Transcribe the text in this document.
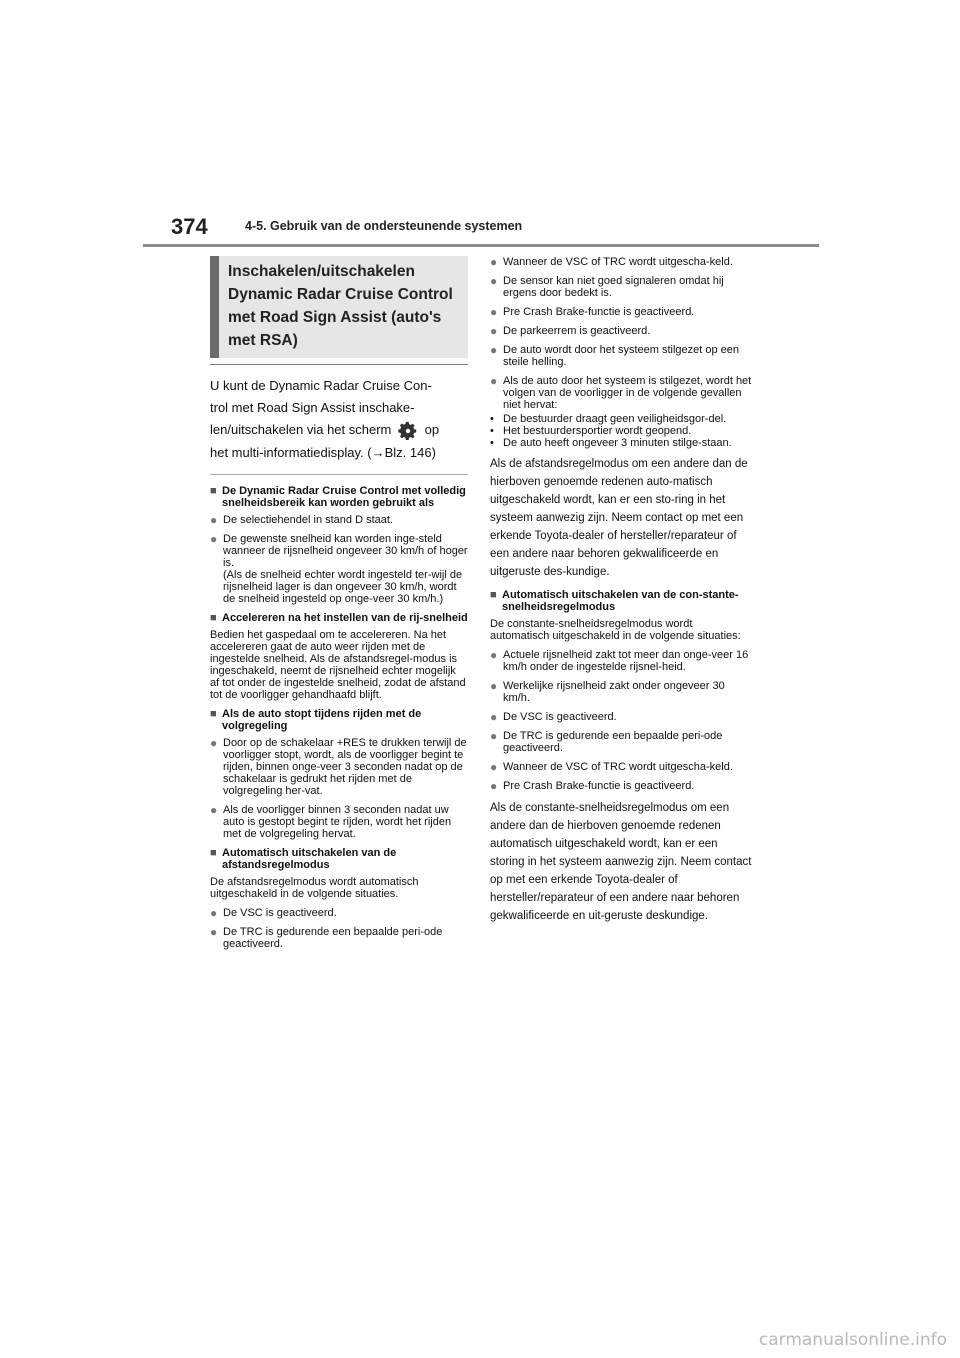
374	4-5. Gebruik van de ondersteunende systemen
Inschakelen/uitschakelen
Dynamic Radar Cruise Control
met Road Sign Assist (auto's
met RSA)
U kunt de Dynamic Radar Cruise Con-
trol met Road Sign Assist inschake-
len/uitschakelen via het scherm	op
het multi-informatiedisplay. (→Blz. 146)
■ De Dynamic Radar Cruise Control met volledig snelheidsbereik kan worden gebruikt als
● De selectiehendel in stand D staat.
● De gewenste snelheid kan worden inge-steld wanneer de rijsnelheid ongeveer 30 km/h of hoger is.
(Als de snelheid echter wordt ingesteld ter-wijl de rijsnelheid lager is dan ongeveer 30 km/h, wordt de snelheid ingesteld op onge-veer 30 km/h.)
■ Accelereren na het instellen van de rij-snelheid
Bedien het gaspedaal om te accelereren. Na het accelereren gaat de auto weer rijden met de ingestelde snelheid. Als de afstandsregel-modus is ingeschakeld, neemt de rijsnelheid echter mogelijk af tot onder de ingestelde snelheid, zodat de afstand tot de voorligger gehandhaafd blijft.
■ Als de auto stopt tijdens rijden met de volgregeling
● Door op de schakelaar +RES te drukken terwijl de voorligger stopt, wordt, als de voorligger begint te rijden, binnen onge-veer 3 seconden nadat op de schakelaar is gedrukt het rijden met de volgregeling her-vat.
● Als de voorligger binnen 3 seconden nadat uw auto is gestopt begint te rijden, wordt het rijden met de volgregeling hervat.
■ Automatisch uitschakelen van de afstandsregelmodus
De afstandsregelmodus wordt automatisch uitgeschakeld in de volgende situaties.
● De VSC is geactiveerd.
● De TRC is gedurende een bepaalde peri-ode geactiveerd.
● Wanneer de VSC of TRC wordt uitgescha-keld.
● De sensor kan niet goed signaleren omdat hij ergens door bedekt is.
● Pre Crash Brake-functie is geactiveerd.
● De parkeerrem is geactiveerd.
● De auto wordt door het systeem stilgezet op een steile helling.
● Als de auto door het systeem is stilgezet, wordt het volgen van de voorligger in de volgende gevallen niet hervat:
• De bestuurder draagt geen veiligheidsgor-del.
• Het bestuurdersportier wordt geopend.
• De auto heeft ongeveer 3 minuten stilge-staan.
Als de afstandsregelmodus om een andere dan de hierboven genoemde redenen auto-matisch uitgeschakeld wordt, kan er een sto-ring in het systeem aanwezig zijn. Neem contact op met een erkende Toyota-dealer of hersteller/reparateur of een andere naar behoren gekwalificeerde en uitgeruste des-kundige.
■ Automatisch uitschakelen van de con-stante-snelheidsregelmodus
De constante-snelheidsregelmodus wordt automatisch uitgeschakeld in de volgende situaties:
● Actuele rijsnelheid zakt tot meer dan onge-veer 16 km/h onder de ingestelde rijsnel-heid.
● Werkelijke rijsnelheid zakt onder ongeveer 30 km/h.
● De VSC is geactiveerd.
● De TRC is gedurende een bepaalde peri-ode geactiveerd.
● Wanneer de VSC of TRC wordt uitgescha-keld.
● Pre Crash Brake-functie is geactiveerd.
Als de constante-snelheidsregelmodus om een andere dan de hierboven genoemde redenen automatisch uitgeschakeld wordt, kan er een storing in het systeem aanwezig zijn. Neem contact op met een erkende Toyota-dealer of hersteller/reparateur of een andere naar behoren gekwalificeerde en uit-geruste deskundige.
carmanualsonline.info
